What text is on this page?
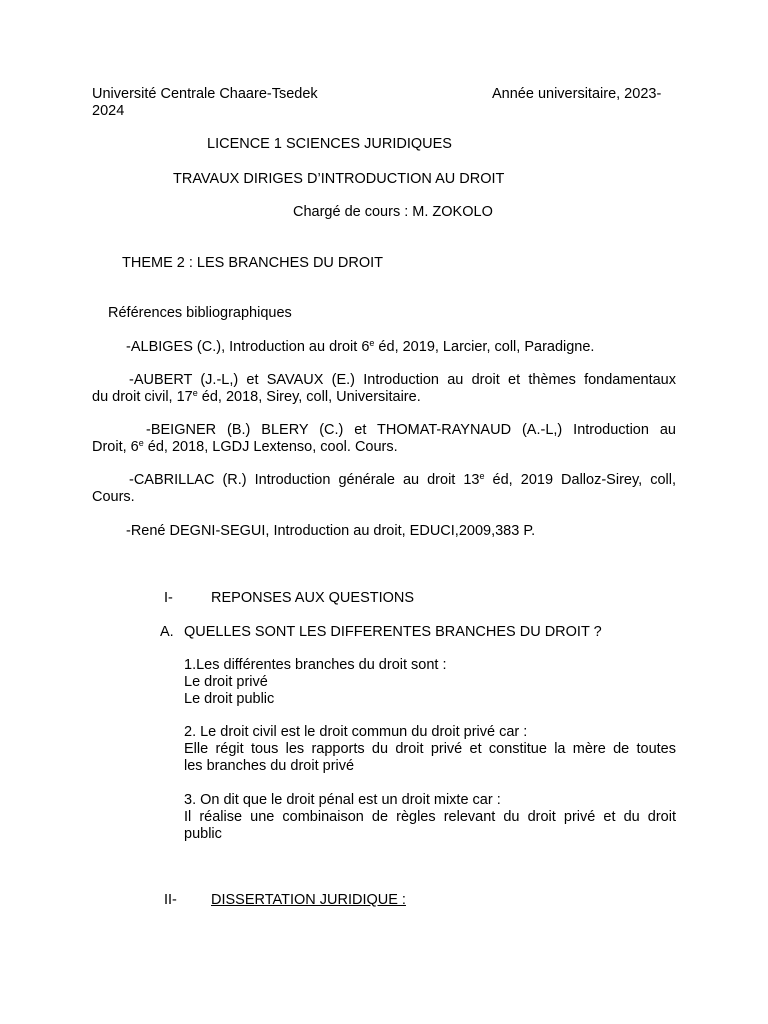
Université Centrale Chaare-Tsedek	Année universitaire, 2023-
2024
LICENCE 1 SCIENCES JURIDIQUES
TRAVAUX DIRIGES D’INTRODUCTION AU DROIT
Chargé de cours : M. ZOKOLO
THEME 2 : LES BRANCHES DU DROIT
Références bibliographiques
-ALBIGES (C.), Introduction au droit 6e éd, 2019, Larcier, coll, Paradigne.
-AUBERT (J.-L,) et SAVAUX (E.) Introduction au droit et thèmes fondamentaux
du droit civil, 17e éd, 2018, Sirey, coll, Universitaire.
-BEIGNER (B.) BLERY (C.) et THOMAT-RAYNAUD (A.-L,) Introduction au
Droit, 6e éd, 2018, LGDJ Lextenso, cool. Cours.
-CABRILLAC (R.) Introduction générale au droit 13e éd, 2019 Dalloz-Sirey, coll,
Cours.
-René DEGNI-SEGUI, Introduction au droit, EDUCI,2009,383 P.
I-	REPONSES AUX QUESTIONS
A. QUELLES SONT LES DIFFERENTES BRANCHES DU DROIT ?
1.Les différentes branches du droit sont :
Le droit privé
Le droit public
2. Le droit civil est le droit commun du droit privé car :
Elle régit tous les rapports du droit privé et constitue la mère de toutes
les branches du droit privé
3. On dit que le droit pénal est un droit mixte car :
Il réalise une combinaison de règles relevant du droit privé et du droit
public
II- DISSERTATION JURIDIQUE :
